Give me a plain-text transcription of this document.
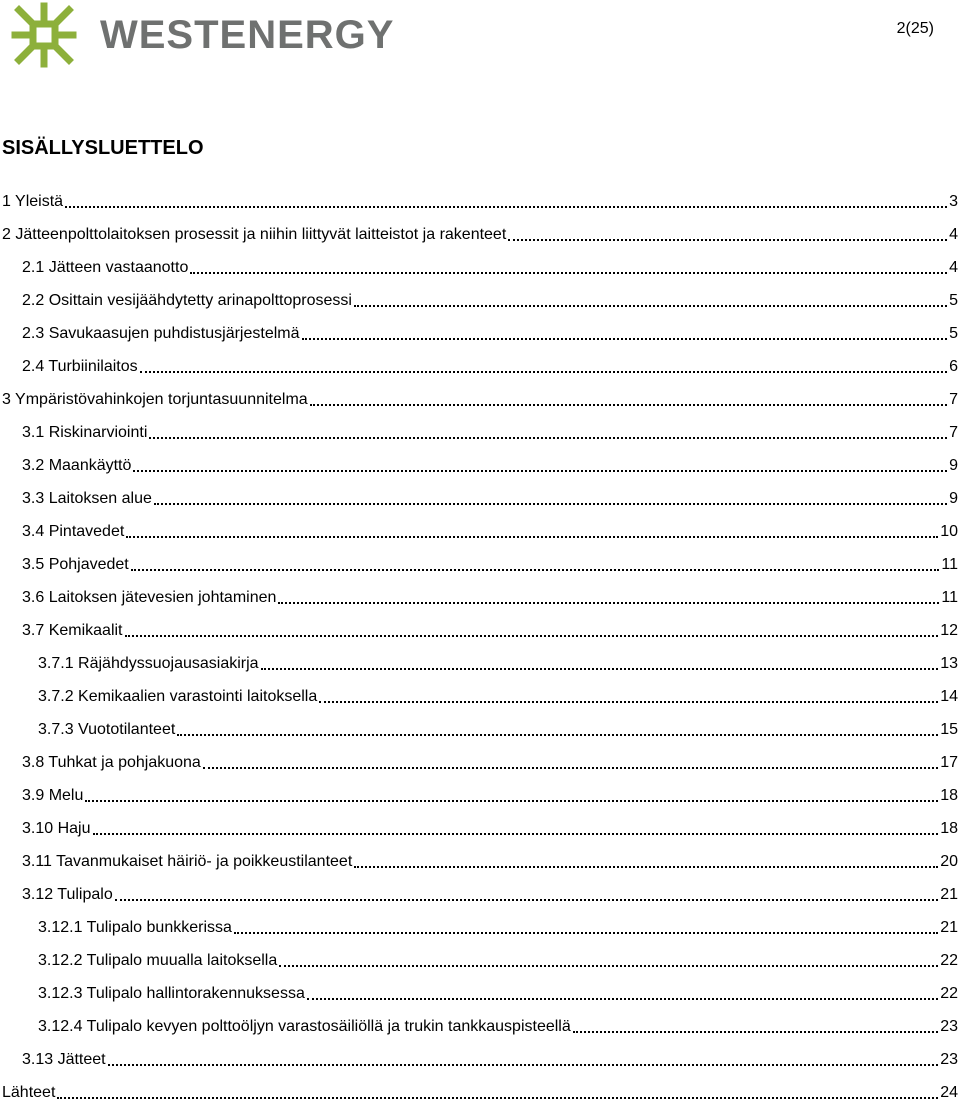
WESTENERGY	2(25)
SISÄLLYSLUETTELO
1 Yleistä	3
2 Jätteenpolttolaitoksen prosessit ja niihin liittyvät laitteistot ja rakenteet	4
2.1 Jätteen vastaanotto	4
2.2 Osittain vesijäähdytetty arinapolttoprosessi	5
2.3 Savukaasujen puhdistusjärjestelmä	5
2.4 Turbiinilaitos	6
3 Ympäristövahinkojen torjuntasuunnitelma	7
3.1 Riskinarviointi	7
3.2 Maankäyttö	9
3.3 Laitoksen alue	9
3.4 Pintavedet	10
3.5 Pohjavedet	11
3.6 Laitoksen jätevesien johtaminen	11
3.7 Kemikaalit	12
3.7.1 Räjähdyssuojausasiakirja	13
3.7.2 Kemikaalien varastointi laitoksella	14
3.7.3 Vuototilanteet	15
3.8 Tuhkat ja pohjakuona	17
3.9 Melu	18
3.10 Haju	18
3.11 Tavanmukaiset häiriö- ja poikkeustilanteet	20
3.12 Tulipalo	21
3.12.1 Tulipalo bunkkerissa	21
3.12.2 Tulipalo muualla laitoksella	22
3.12.3 Tulipalo hallintorakennuksessa	22
3.12.4 Tulipalo kevyen polttoöljyn varastosäiliöllä ja trukin tankkauspisteellä	23
3.13 Jätteet	23
Lähteet	24
